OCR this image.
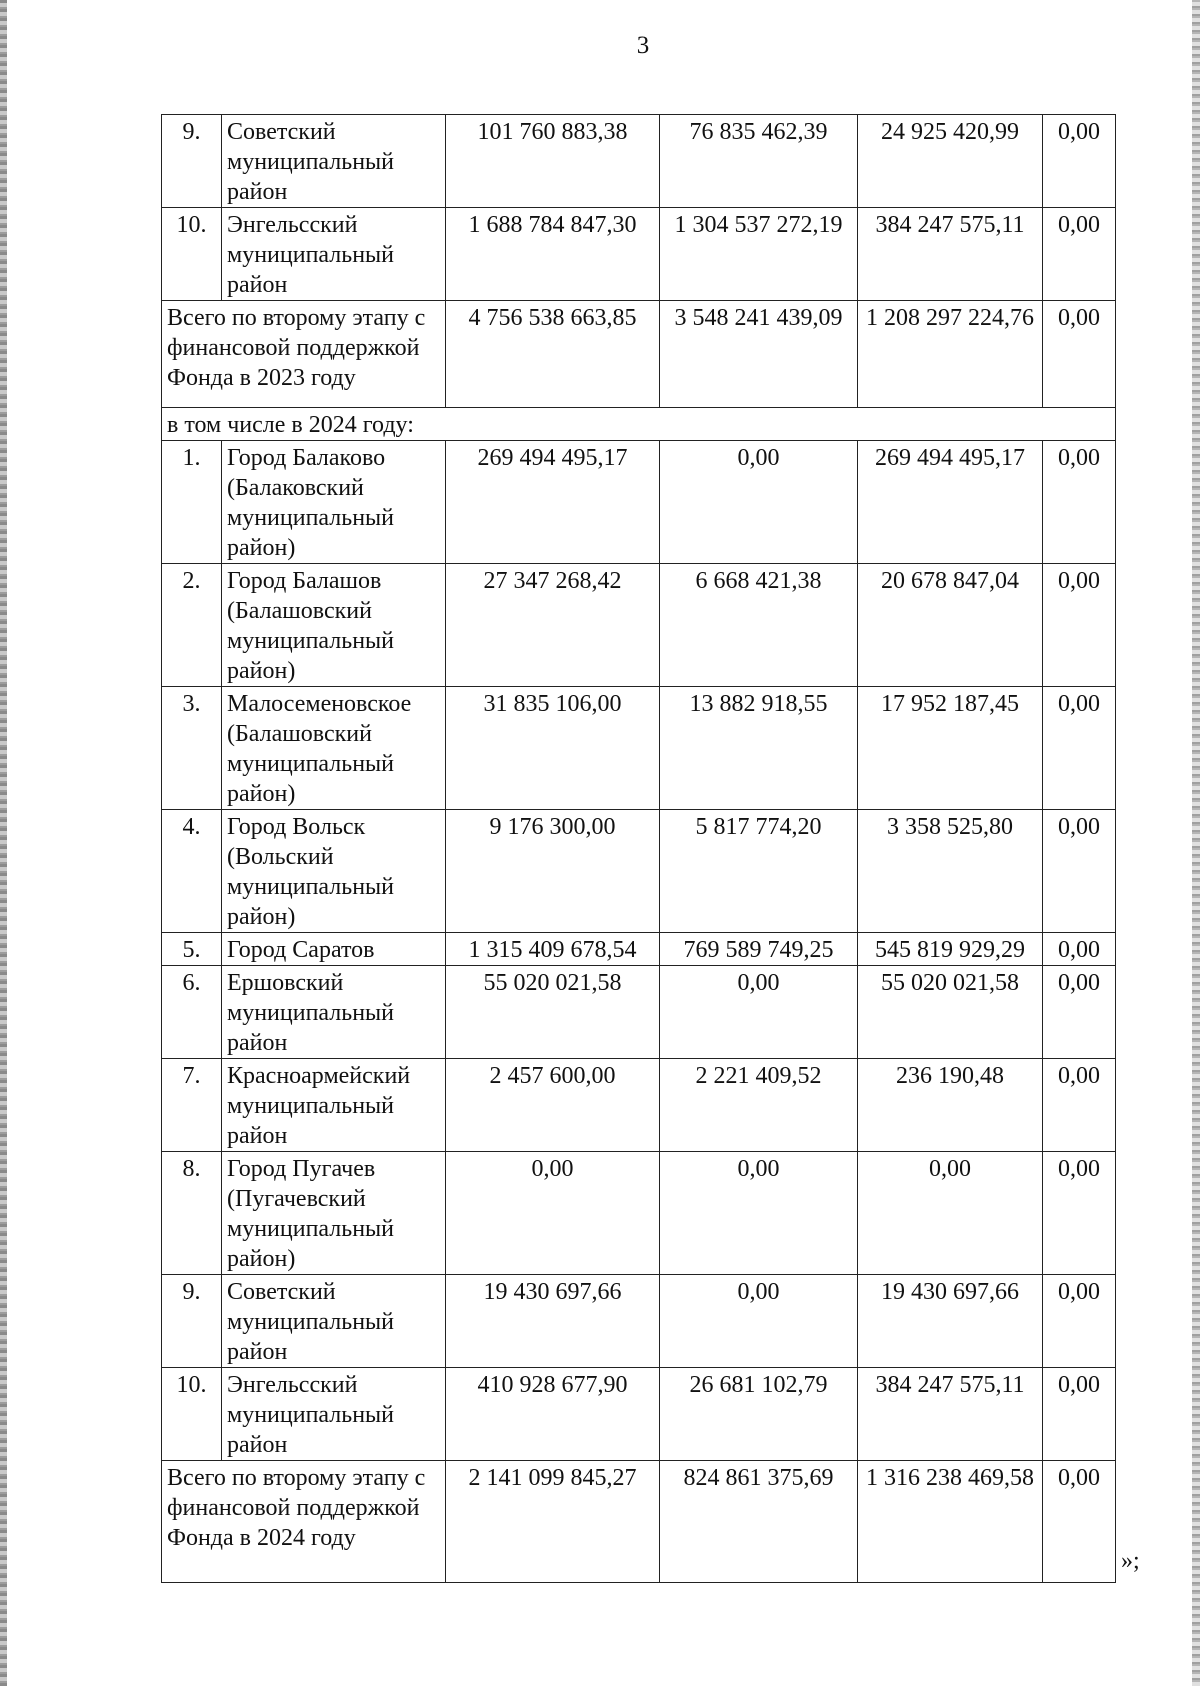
3
9.	Советский муниципальный район	101 760 883,38	76 835 462,39	24 925 420,99	0,00
10.	Энгельсский муниципальный район	1 688 784 847,30	1 304 537 272,19	384 247 575,11	0,00
Всего по второму этапу с финансовой поддержкой Фонда в 2023 году		4 756 538 663,85	3 548 241 439,09	1 208 297 224,76	0,00
в том числе в 2024 году:					
1.	Город Балаково (Балаковский муниципальный район)	269 494 495,17	0,00	269 494 495,17	0,00
2.	Город Балашов (Балашовский муниципальный район)	27 347 268,42	6 668 421,38	20 678 847,04	0,00
3.	Малосеменовское (Балашовский муниципальный район)	31 835 106,00	13 882 918,55	17 952 187,45	0,00
4.	Город Вольск (Вольский муниципальный район)	9 176 300,00	5 817 774,20	3 358 525,80	0,00
5.	Город Саратов	1 315 409 678,54	769 589 749,25	545 819 929,29	0,00
6.	Ершовский муниципальный район	55 020 021,58	0,00	55 020 021,58	0,00
7.	Красноармейский муниципальный район	2 457 600,00	2 221 409,52	236 190,48	0,00
8.	Город Пугачев (Пугачевский муниципальный район)	0,00	0,00	0,00	0,00
9.	Советский муниципальный район	19 430 697,66	0,00	19 430 697,66	0,00
10.	Энгельсский муниципальный район	410 928 677,90	26 681 102,79	384 247 575,11	0,00
Всего по второму этапу с финансовой поддержкой Фонда в 2024 году		2 141 099 845,27	824 861 375,69	1 316 238 469,58	0,00
»;
